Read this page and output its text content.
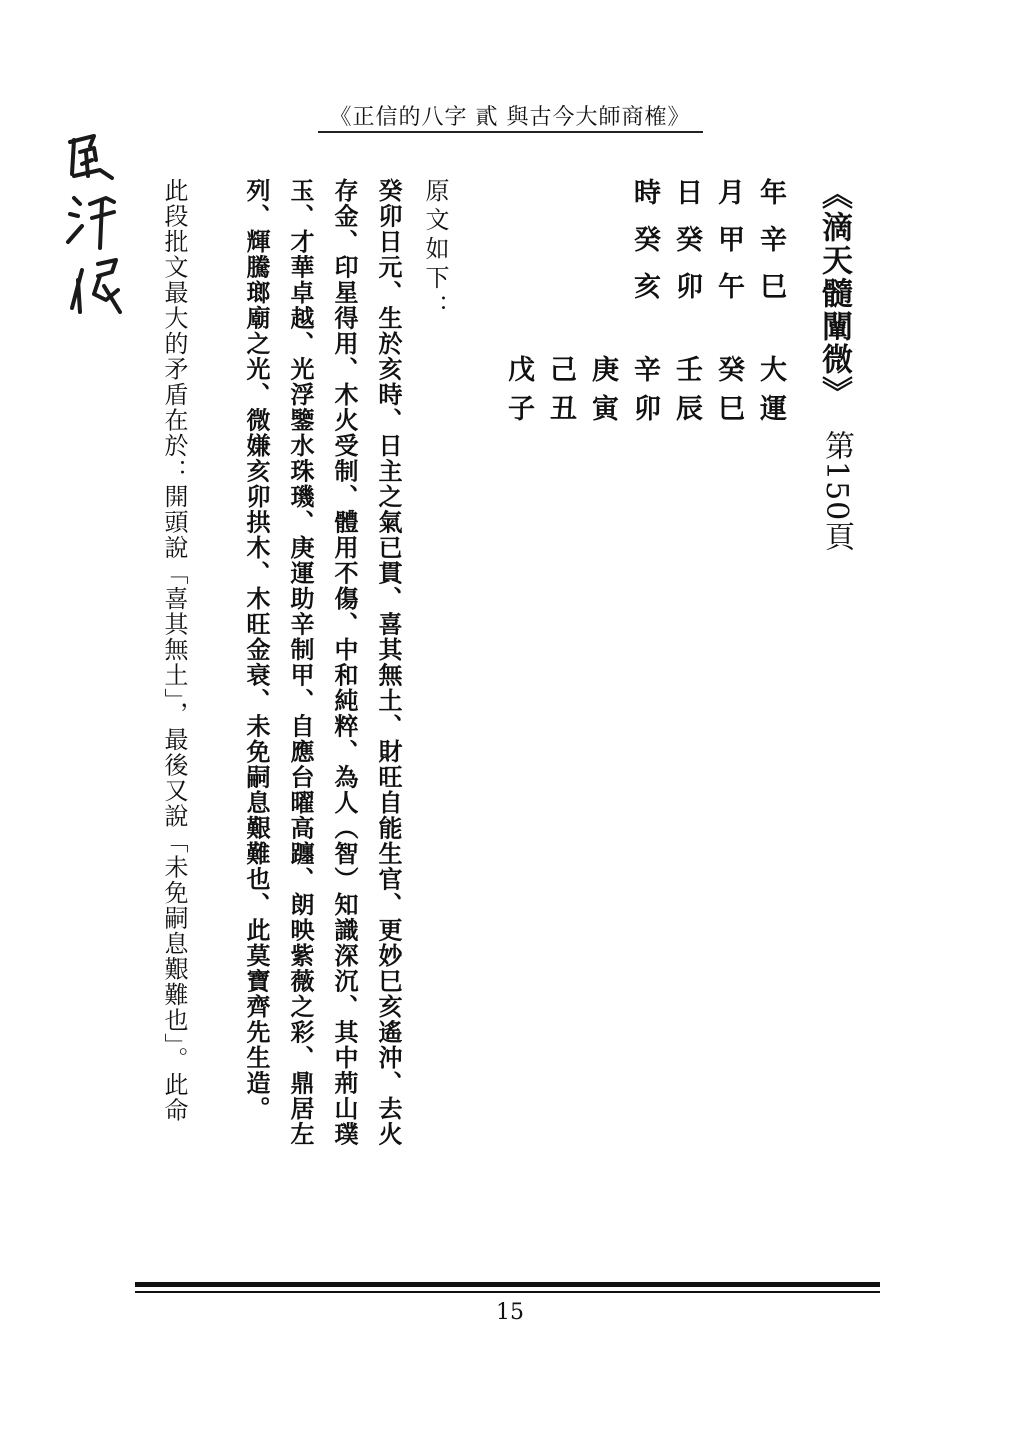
《正信的八字 貳 與古今大師商榷》
《滴天髓闡微》
第150頁
年辛巳
月甲午
日癸卯
時癸亥
大運
癸巳
壬辰
辛卯
庚寅
己丑
戊子
原文如下：
癸卯日元、生於亥時、日主之氣已貫、喜其無土、財旺自能生官、更妙巳亥遙沖、去火
存金、印星得用、木火受制、體用不傷、中和純粹、為人（智）知識深沉、其中荊山璞
玉、才華卓越、光浮鑒水珠璣、庚運助辛制甲、自應台曜高躔、朗映紫薇之彩、鼎居左
列、輝騰瑯廟之光、微嫌亥卯拱木、木旺金衰、未免嗣息艱難也、此莫寶齊先生造。
此段批文最大的矛盾在於：開頭說「喜其無土」，最後又說「未免嗣息艱難也」。此命
15
